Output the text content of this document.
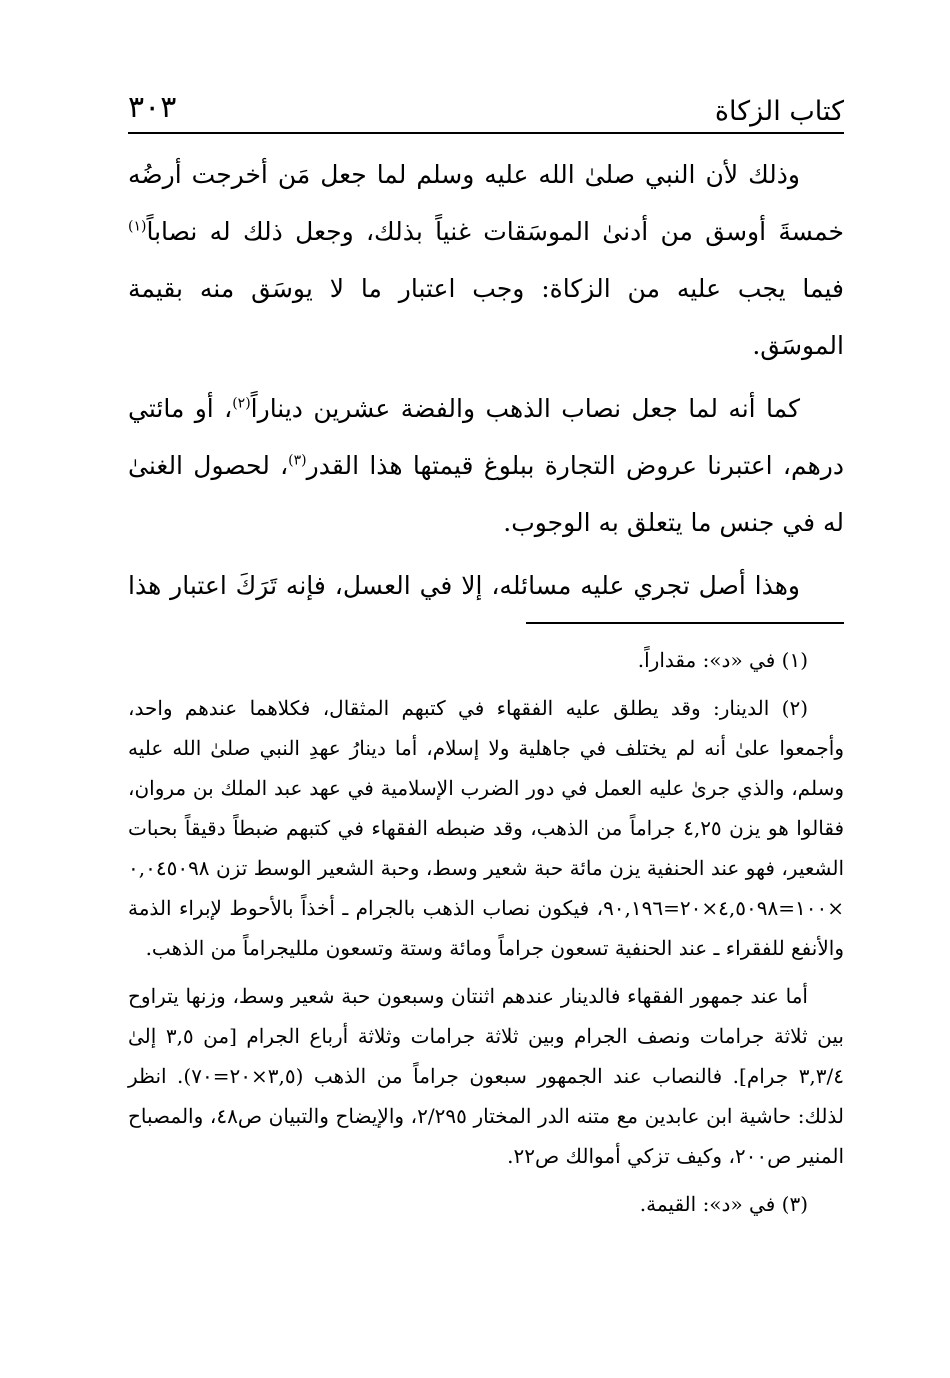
كتاب الزكاة
٣٠٣

وذلك لأن النبي صلىٰ الله عليه وسلم لما جعل مَن أخرجت أرضُه خمسةَ أوسق من أدنىٰ الموسَقات غنياً بذلك، وجعل ذلك له نصاباً$^{(١)}$ فيما يجب عليه من الزكاة: وجب اعتبار ما لا يوسَق منه بقيمة الموسَق.

كما أنه لما جعل نصاب الذهب والفضة عشرين ديناراً$^{(٢)}$، أو مائتي درهم، اعتبرنا عروض التجارة ببلوغ قيمتها هذا القدر$^{(٣)}$، لحصول الغنىٰ له في جنس ما يتعلق به الوجوب.

وهذا أصل تجري عليه مسائله، إلا في العسل، فإنه تَرَكَ اعتبار هذا

(١) في «د»: مقداراً.

(٢) الدينار: وقد يطلق عليه الفقهاء في كتبهم المثقال، فكلاهما عندهم واحد، وأجمعوا علىٰ أنه لم يختلف في جاهلية ولا إسلام، أما دينارُ عهدِ النبي صلىٰ الله عليه وسلم، والذي جرىٰ عليه العمل في دور الضرب الإسلامية في عهد عبد الملك بن مروان، فقالوا هو يزن ٤,٢٥ جراماً من الذهب، وقد ضبطه الفقهاء في كتبهم ضبطاً دقيقاً بحبات الشعير، فهو عند الحنفية يزن مائة حبة شعير وسط، وحبة الشعير الوسط تزن ٠,٠٤٥٠٩٨ ×١٠٠=٤,٥٠٩٨×٢٠=٩٠,١٩٦، فيكون نصاب الذهب بالجرام ـ أخذاً بالأحوط لإبراء الذمة والأنفع للفقراء ـ عند الحنفية تسعون جراماً ومائة وستة وتسعون ملليجراماً من الذهب.

أما عند جمهور الفقهاء فالدينار عندهم اثنتان وسبعون حبة شعير وسط، وزنها يتراوح بين ثلاثة جرامات ونصف الجرام وبين ثلاثة جرامات وثلاثة أرباع الجرام [من ٣,٥ إلىٰ ٣,٣/٤ جرام]. فالنصاب عند الجمهور سبعون جراماً من الذهب (٣,٥×٢٠=٧٠). انظر لذلك: حاشية ابن عابدين مع متنه الدر المختار ٢/٢٩٥، والإيضاح والتبيان ص٤٨، والمصباح المنير ص٢٠٠، وكيف تزكي أموالك ص٢٢.

(٣) في «د»: القيمة.
